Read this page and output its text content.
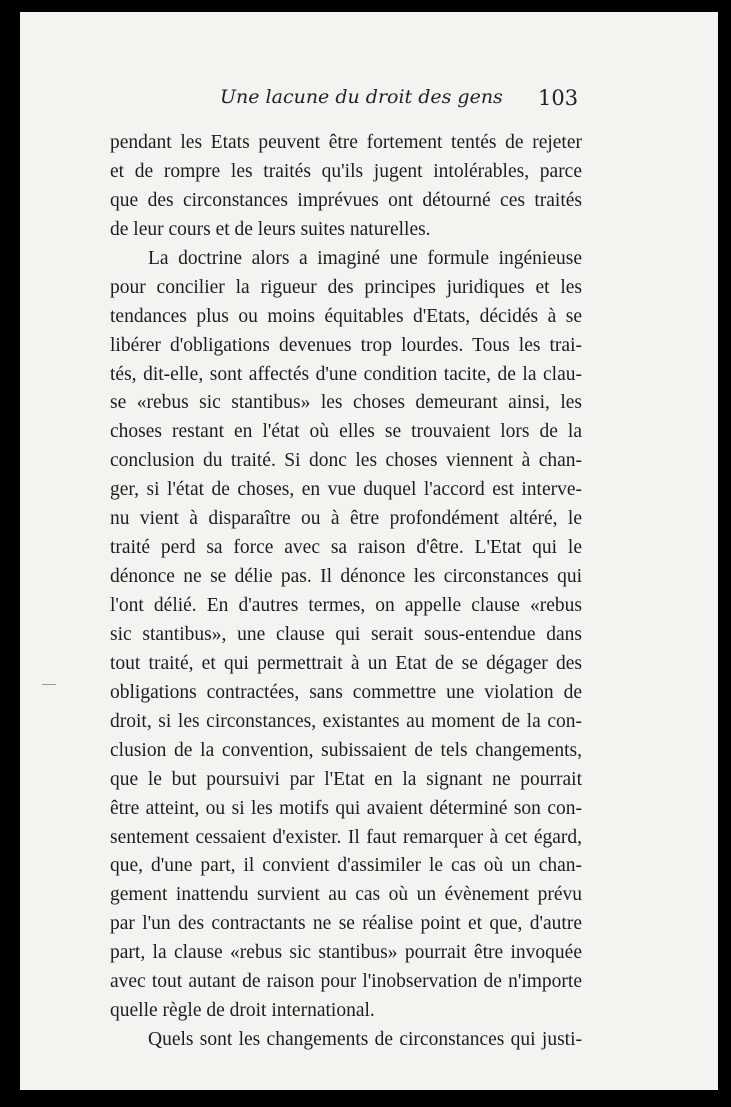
Une lacune du droit des gens 103
pendant les Etats peuvent être fortement tentés de rejeter
et de rompre les traités qu'ils jugent intolérables, parce
que des circonstances imprévues ont détourné ces traités
de leur cours et de leurs suites naturelles.
La doctrine alors a imaginé une formule ingénieuse
pour concilier la rigueur des principes juridiques et les
tendances plus ou moins équitables d'Etats, décidés à se
libérer d'obligations devenues trop lourdes. Tous les trai-
tés, dit-elle, sont affectés d'une condition tacite, de la clau-
se «rebus sic stantibus» les choses demeurant ainsi, les
choses restant en l'état où elles se trouvaient lors de la
conclusion du traité. Si donc les choses viennent à chan-
ger, si l'état de choses, en vue duquel l'accord est interve-
nu vient à disparaître ou à être profondément altéré, le
traité perd sa force avec sa raison d'être. L'Etat qui le
dénonce ne se délie pas. Il dénonce les circonstances qui
l'ont délié. En d'autres termes, on appelle clause «rebus
sic stantibus», une clause qui serait sous-entendue dans
tout traité, et qui permettrait à un Etat de se dégager des
obligations contractées, sans commettre une violation de
droit, si les circonstances, existantes au moment de la con-
clusion de la convention, subissaient de tels changements,
que le but poursuivi par l'Etat en la signant ne pourrait
être atteint, ou si les motifs qui avaient déterminé son con-
sentement cessaient d'exister. Il faut remarquer à cet égard,
que, d'une part, il convient d'assimiler le cas où un chan-
gement inattendu survient au cas où un évènement prévu
par l'un des contractants ne se réalise point et que, d'autre
part, la clause «rebus sic stantibus» pourrait être invoquée
avec tout autant de raison pour l'inobservation de n'importe
quelle règle de droit international.
Quels sont les changements de circonstances qui justi-
